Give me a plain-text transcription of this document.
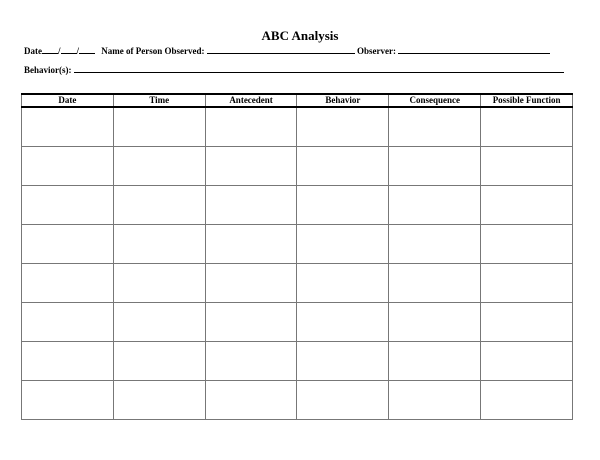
ABC Analysis
Date / / Name of Person Observed:	Observer:
Behavior(s):
Date	Time	Antecedent	Behavior	Consequence	Possible Function
